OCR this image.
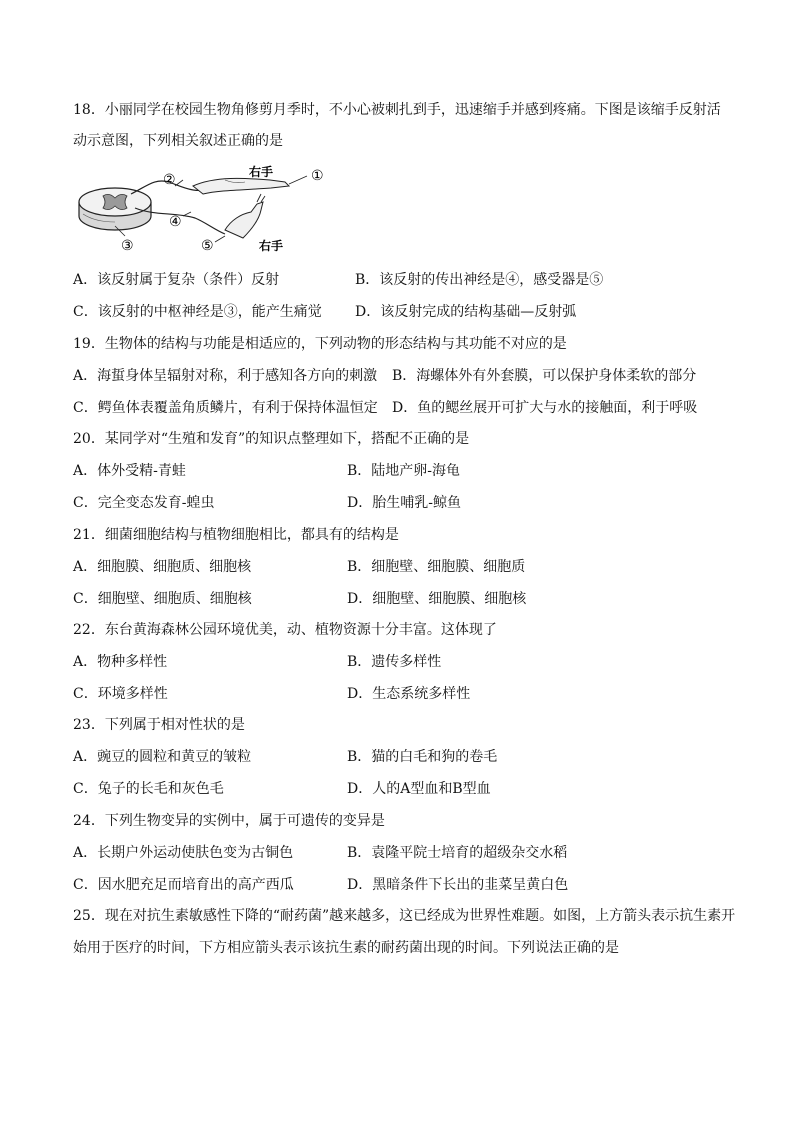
18．小丽同学在校园生物角修剪月季时，不小心被刺扎到手，迅速缩手并感到疼痛。下图是该缩手反射活
动示意图，下列相关叙述正确的是
①
②
③
④
⑤
右手
右手
A．该反射属于复杂（条件）反射	B．该反射的传出神经是④，感受器是⑤
C．该反射的中枢神经是③，能产生痛觉 D．该反射完成的结构基础—反射弧
19．生物体的结构与功能是相适应的，下列动物的形态结构与其功能不对应的是
A．海蜇身体呈辐射对称，利于感知各方向的刺激 B．海螺体外有外套膜，可以保护身体柔软的部分
C．鳄鱼体表覆盖角质鳞片，有利于保持体温恒定 D．鱼的鳃丝展开可扩大与水的接触面，利于呼吸
20．某同学对“生殖和发育”的知识点整理如下，搭配不正确的是
A．体外受精-青蛙	B．陆地产卵-海龟
C．完全变态发育-蝗虫	D．胎生哺乳-鲸鱼
21．细菌细胞结构与植物细胞相比，都具有的结构是
A．细胞膜、细胞质、细胞核	B．细胞壁、细胞膜、细胞质
C．细胞壁、细胞质、细胞核	D．细胞壁、细胞膜、细胞核
22．东台黄海森林公园环境优美，动、植物资源十分丰富。这体现了
A．物种多样性	B．遗传多样性
C．环境多样性	D．生态系统多样性
23．下列属于相对性状的是
A．豌豆的圆粒和黄豆的皱粒	B．猫的白毛和狗的卷毛
C．兔子的长毛和灰色毛	D．人的A型血和B型血
24．下列生物变异的实例中，属于可遗传的变异是
A．长期户外运动使肤色变为古铜色	B．袁隆平院士培育的超级杂交水稻
C．因水肥充足而培育出的高产西瓜	D．黑暗条件下长出的韭菜呈黄白色
25．现在对抗生素敏感性下降的“耐药菌”越来越多，这已经成为世界性难题。如图，上方箭头表示抗生素开
始用于医疗的时间，下方相应箭头表示该抗生素的耐药菌出现的时间。下列说法正确的是
